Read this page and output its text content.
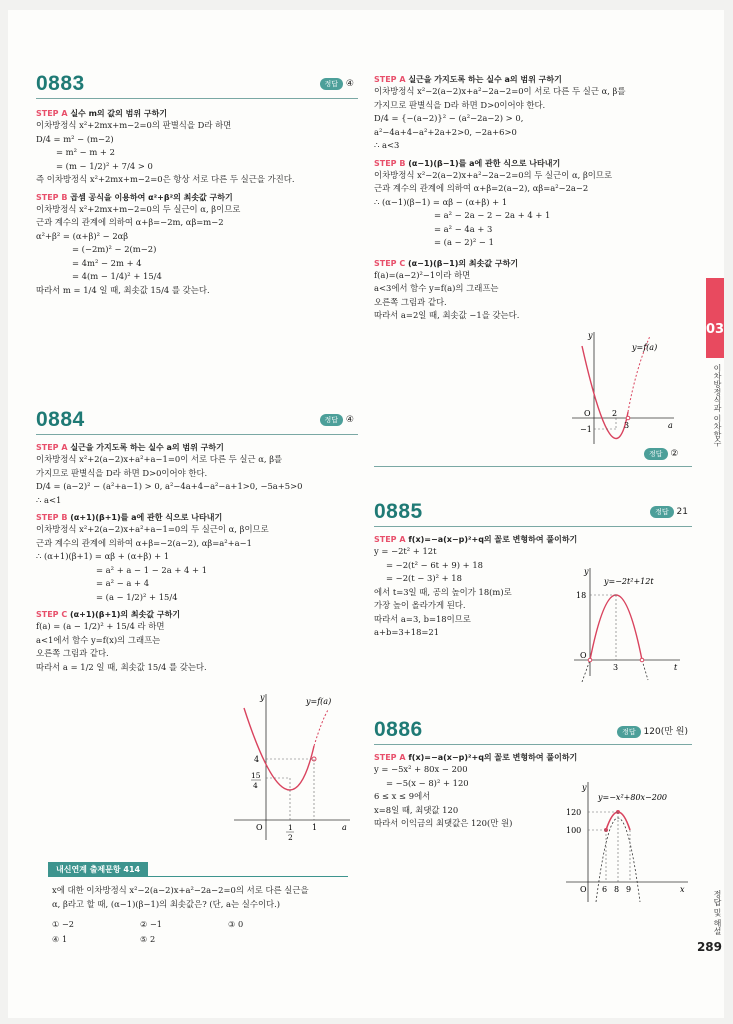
0883	정답 ④
STEP A 실수 m의 값의 범위 구하기
이차방정식 x²+2mx+m−2=0의 판별식을 D라 하면
D/4 = m² − (m−2)
= m² − m + 2
= (m − 1/2)² + 7/4 > 0
즉 이차방정식 x²+2mx+m−2=0은 항상 서로 다른 두 실근을 가진다.
STEP B 곱셈 공식을 이용하여 α²+β²의 최솟값 구하기
이차방정식 x²+2mx+m−2=0의 두 실근이 α, β이므로
근과 계수의 관계에 의하여 α+β=−2m, αβ=m−2
α²+β² = (α+β)² − 2αβ
= (−2m)² − 2(m−2)
= 4m² − 2m + 4
= 4(m − 1/4)² + 15/4
따라서 m = 1/4 일 때, 최솟값 15/4 를 갖는다.
0884	정답 ④
STEP A 실근을 가지도록 하는 실수 a의 범위 구하기
이차방정식 x²+2(a−2)x+a²+a−1=0이 서로 다른 두 실근 α, β를
가지므로 판별식을 D라 하면 D>0이어야 한다.
D/4 = (a−2)² − (a²+a−1) > 0, a²−4a+4−a²−a+1>0, −5a+5>0
∴ a<1
STEP B (α+1)(β+1)를 a에 관한 식으로 나타내기
이차방정식 x²+2(a−2)x+a²+a−1=0의 두 실근이 α, β이므로
근과 계수의 관계에 의하여 α+β=−2(a−2), αβ=a²+a−1
∴ (α+1)(β+1) = αβ + (α+β) + 1
= a² + a − 1 − 2a + 4 + 1
= a² − a + 4
= (a − 1/2)² + 15/4
STEP C (α+1)(β+1)의 최솟값 구하기
f(a) = (a − 1/2)² + 15/4 라 하면
a<1에서 함수 y=f(x)의 그래프는
오른쪽 그림과 같다.
따라서 a = 1/2 일 때, 최솟값 15/4 를 갖는다.
y	y=f(a)
4
15
4
O	1
2
1	a
내신연계 출제문항 414
x에 대한 이차방정식 x²−2(a−2)x+a²−2a−2=0의 서로 다른 실근을
α, β라고 할 때, (α−1)(β−1)의 최솟값은? (단, a는 실수이다.)
① −2	② −1	③ 0
④ 1	⑤ 2
STEP A 실근을 가지도록 하는 실수 a의 범위 구하기
이차방정식 x²−2(a−2)x+a²−2a−2=0이 서로 다른 두 실근 α, β를
가지므로 판별식을 D라 하면 D>0이어야 한다.
D/4 = {−(a−2)}² − (a²−2a−2) > 0,
a²−4a+4−a²+2a+2>0, −2a+6>0
∴ a<3
STEP B (α−1)(β−1)를 a에 관한 식으로 나타내기
이차방정식 x²−2(a−2)x+a²−2a−2=0의 두 실근이 α, β이므로
근과 계수의 관계에 의하여 α+β=2(a−2), αβ=a²−2a−2
∴ (α−1)(β−1) = αβ − (α+β) + 1
= a² − 2a − 2 − 2a + 4 + 1
= a² − 4a + 3
= (a − 2)² − 1
STEP C (α−1)(β−1)의 최솟값 구하기
f(a)=(a−2)²−1이라 하면
a<3에서 함수 y=f(a)의 그래프는
오른쪽 그림과 같다.
따라서 a=2일 때, 최솟값 −1을 갖는다.
y
y=f(a)
O	2
3
−1	a
정답 ②
0885	정답 21
STEP A f(x)=−a(x−p)²+q의 꼴로 변형하여 풀이하기
y = −2t² + 12t
= −2(t² − 6t + 9) + 18
= −2(t − 3)² + 18
에서 t=3일 때, 공의 높이가 18(m)로
가장 높이 올라가게 된다.
따라서 a=3, b=18이므로
a+b=3+18=21
y
y=−2t²+12t
18
O
3	t
0886	정답 120(만 원)
STEP A f(x)=−a(x−p)²+q의 꼴로 변형하여 풀이하기
y = −5x² + 80x − 200
= −5(x − 8)² + 120
6 ≤ x ≤ 9에서
x=8일 때, 최댓값 120
따라서 이익금의 최댓값은 120(만 원)
y
y=−x²+80x−200
120
100
O 6 8 9	x
03
이차방정식과 이차함수
정답 및 해설
289
